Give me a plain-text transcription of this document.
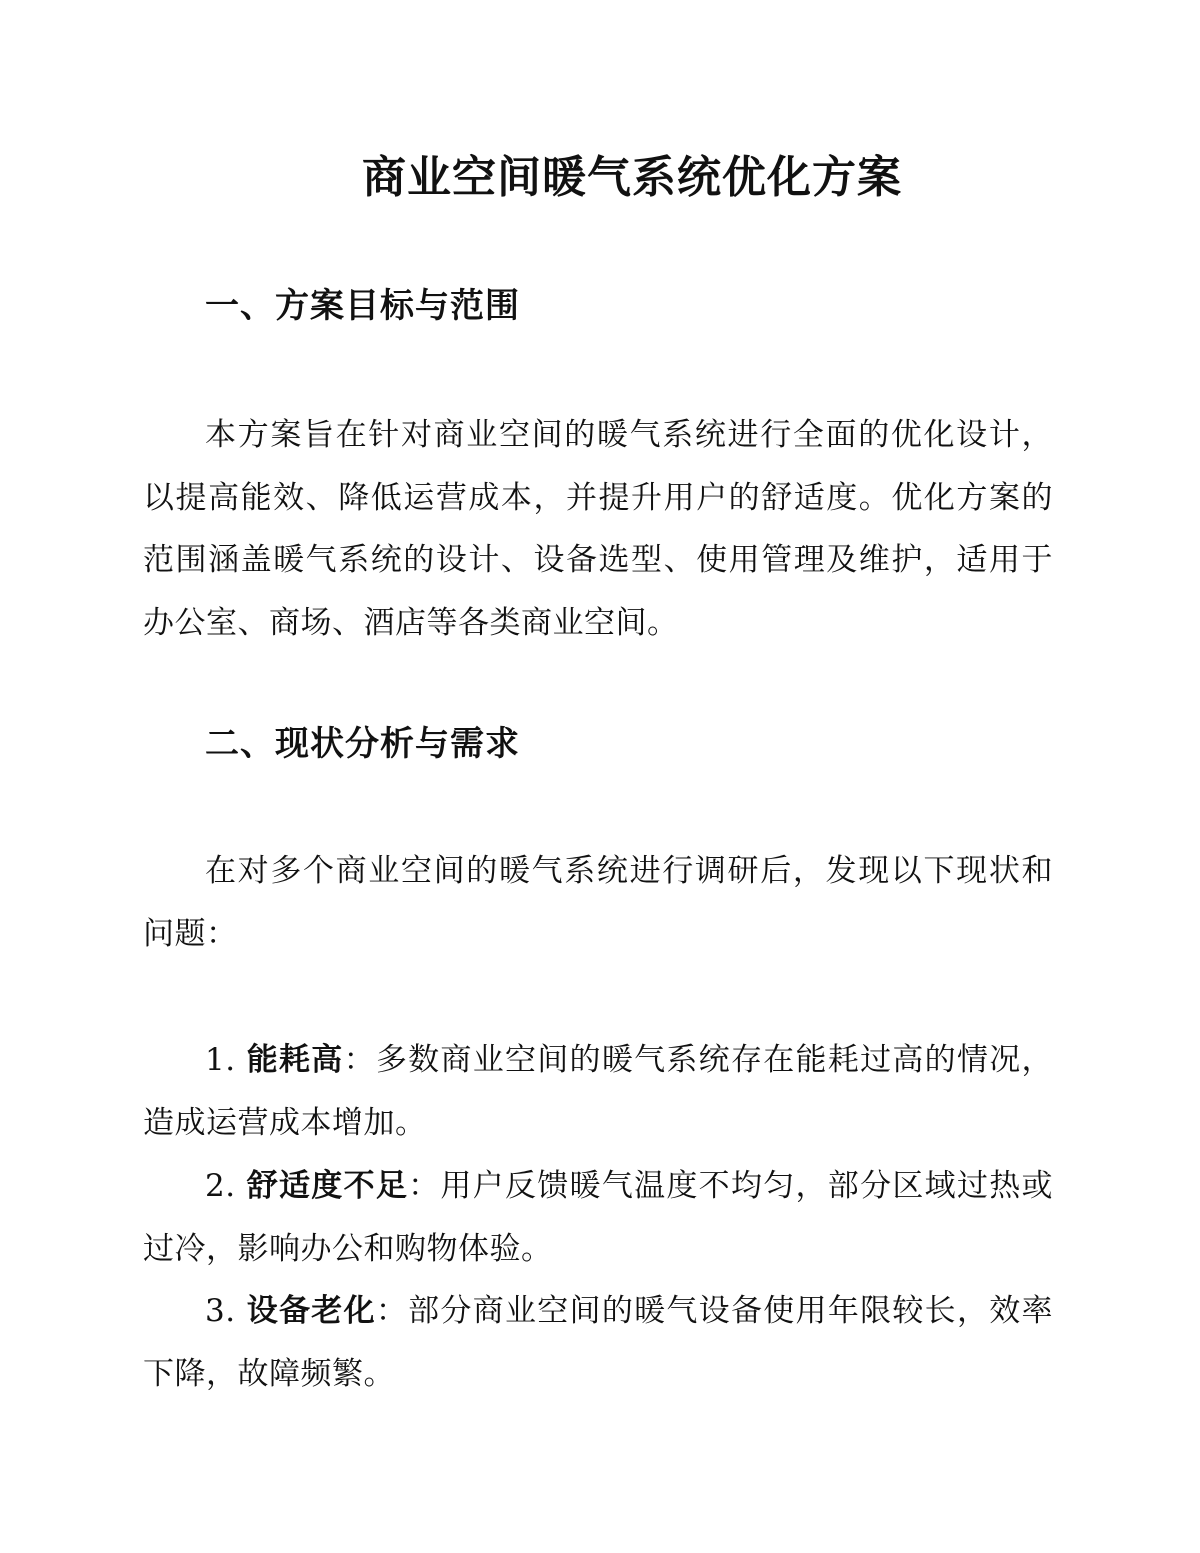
商业空间暖气系统优化方案
一、方案目标与范围

本方案旨在针对商业空间的暖气系统进行全面的优化设计，以提高能效、降低运营成本，并提升用户的舒适度。优化方案的范围涵盖暖气系统的设计、设备选型、使用管理及维护，适用于办公室、商场、酒店等各类商业空间。

二、现状分析与需求

在对多个商业空间的暖气系统进行调研后，发现以下现状和问题：

1. 能耗高：多数商业空间的暖气系统存在能耗过高的情况，造成运营成本增加。

2. 舒适度不足：用户反馈暖气温度不均匀，部分区域过热或过冷，影响办公和购物体验。

3. 设备老化：部分商业空间的暖气设备使用年限较长，效率下降，故障频繁。
